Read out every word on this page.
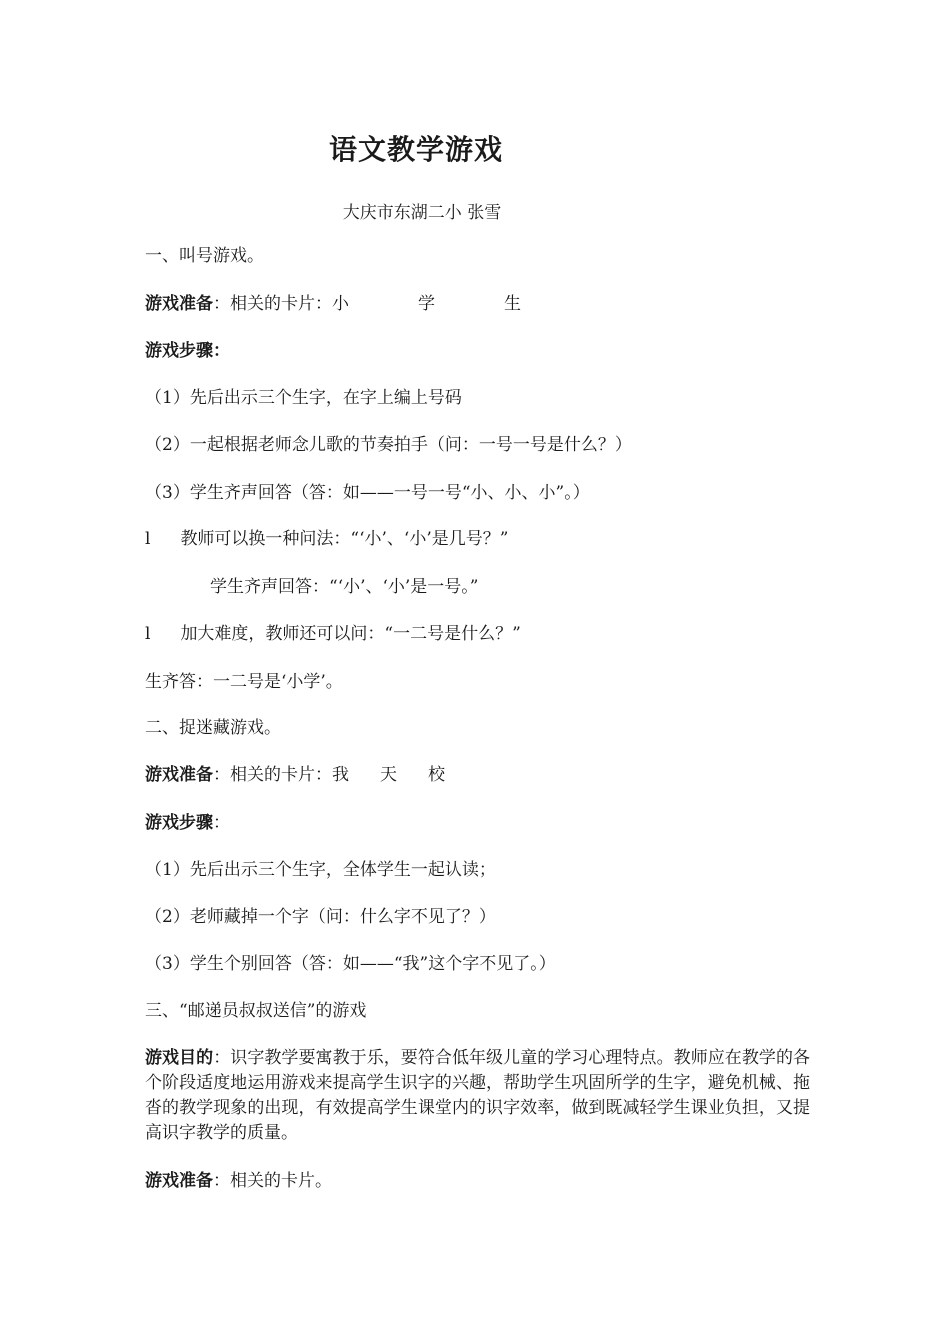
语文教学游戏
大庆市东湖二小 张雪
一、叫号游戏。
游戏准备：相关的卡片：小	学	生
游戏步骤：
（1）先后出示三个生字，在字上编上号码
（2）一起根据老师念儿歌的节奏拍手（问：一号一号是什么？）
（3）学生齐声回答（答：如——一号一号“小、小、小”。）
l 教师可以换一种问法：“‘小’、‘小’是几号？”
学生齐声回答：“‘小’、‘小’是一号。”
l 加大难度，教师还可以问：“一二号是什么？”
生齐答：一二号是‘小学’。
二、捉迷藏游戏。
游戏准备：相关的卡片：我 天 校
游戏步骤：
（1）先后出示三个生字，全体学生一起认读；
（2）老师藏掉一个字（问：什么字不见了？）
（3）学生个别回答（答：如——“我”这个字不见了。）
三、“邮递员叔叔送信”的游戏
游戏目的：识字教学要寓教于乐，要符合低年级儿童的学习心理特点。教师应在教学的各个阶段适度地运用游戏来提高学生识字的兴趣，帮助学生巩固所学的生字，避免机械、拖沓的教学现象的出现，有效提高学生课堂内的识字效率，做到既减轻学生课业负担，又提高识字教学的质量。
游戏准备：相关的卡片。
